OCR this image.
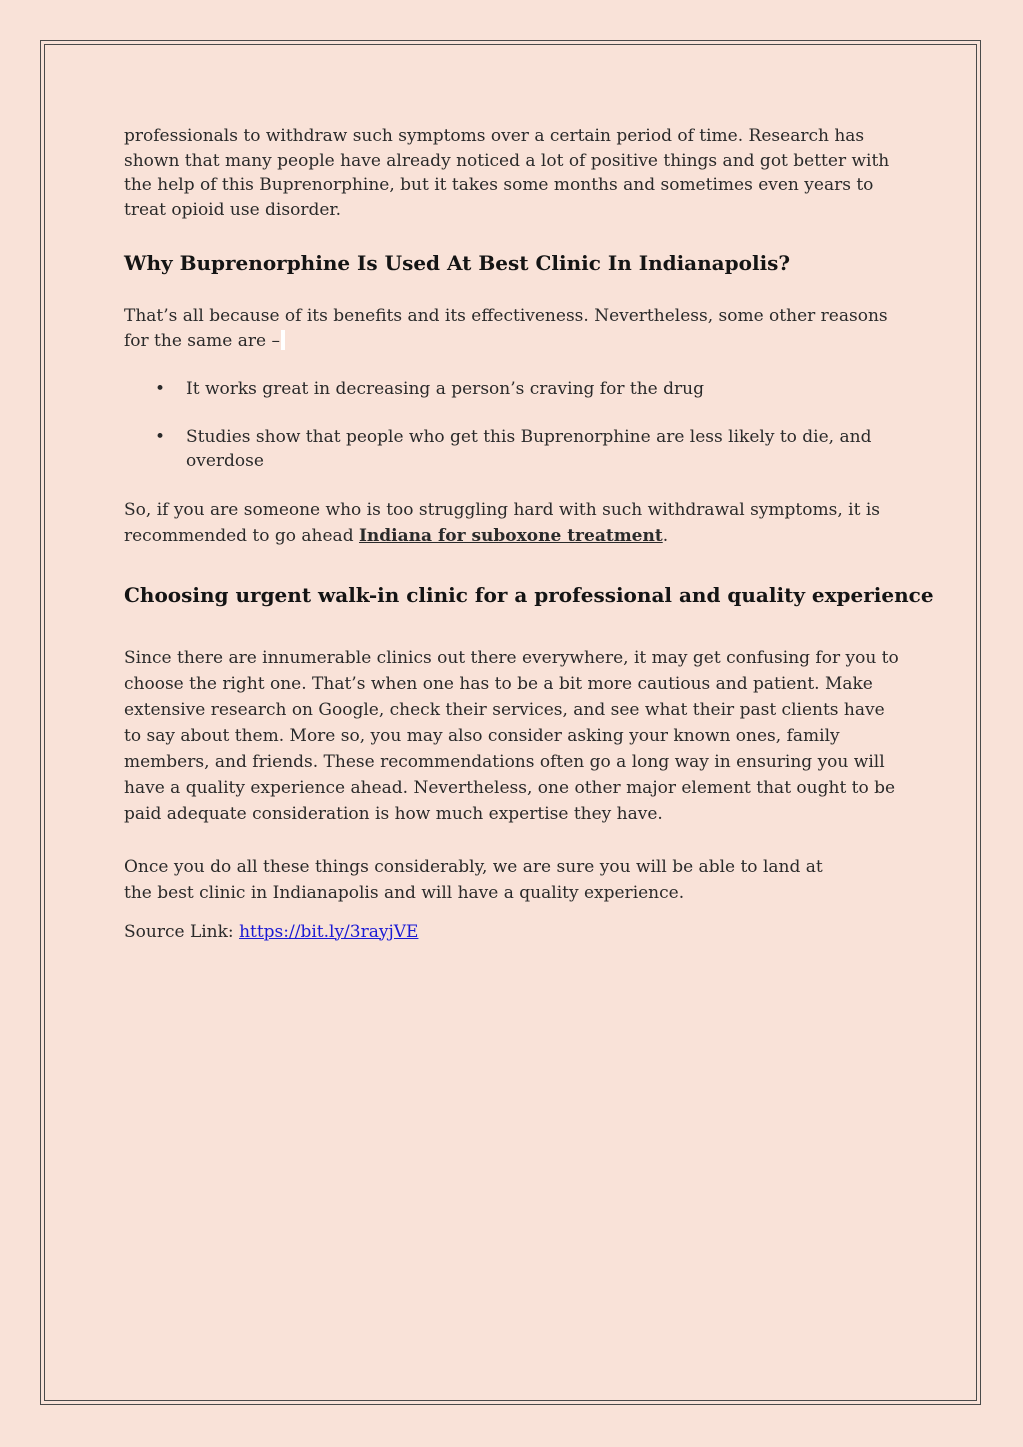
professionals to withdraw such symptoms over a certain period of time. Research has shown that many people have already noticed a lot of positive things and got better with the help of this Buprenorphine, but it takes some months and sometimes even years to treat opioid use disorder.

Why Buprenorphine Is Used At Best Clinic In Indianapolis?

That’s all because of its benefits and its effectiveness. Nevertheless, some other reasons for the same are –

• It works great in decreasing a person’s craving for the drug
• Studies show that people who get this Buprenorphine are less likely to die, and overdose

So, if you are someone who is too struggling hard with such withdrawal symptoms, it is recommended to go ahead Indiana for suboxone treatment.

Choosing urgent walk-in clinic for a professional and quality experience

Since there are innumerable clinics out there everywhere, it may get confusing for you to choose the right one. That’s when one has to be a bit more cautious and patient. Make extensive research on Google, check their services, and see what their past clients have to say about them. More so, you may also consider asking your known ones, family members, and friends. These recommendations often go a long way in ensuring you will have a quality experience ahead. Nevertheless, one other major element that ought to be paid adequate consideration is how much expertise they have.

Once you do all these things considerably, we are sure you will be able to land at
the best clinic in Indianapolis and will have a quality experience.

Source Link: https://bit.ly/3rayjVE
